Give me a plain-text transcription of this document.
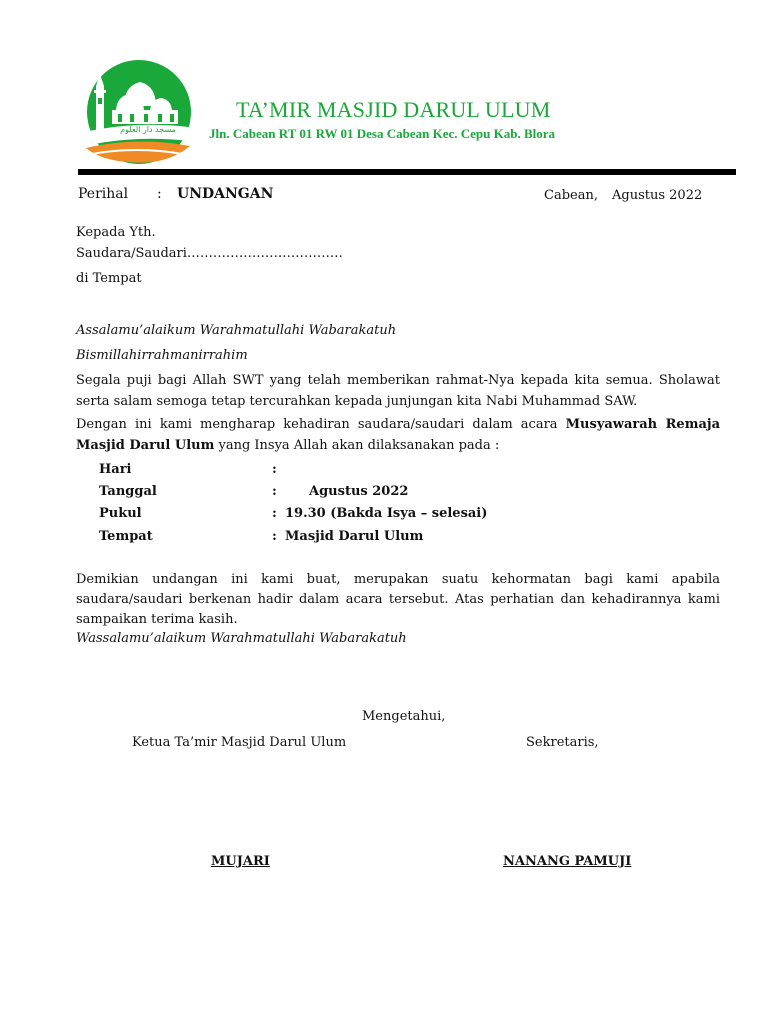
مسجد دار العلوم
TA’MIR MASJID DARUL ULUM
Jln. Cabean RT 01 RW 01 Desa Cabean Kec. Cepu Kab. Blora
Perihal : UNDANGAN	Cabean, Agustus 2022
Kepada Yth.
Saudara/Saudari………………………………
di Tempat
Assalamu’alaikum Warahmatullahi Wabarakatuh
Bismillahirrahmanirrahim
Segala puji bagi Allah SWT yang telah memberikan rahmat-Nya kepada kita semua. Sholawat serta salam semoga tetap tercurahkan kepada junjungan kita Nabi Muhammad SAW.
Dengan ini kami mengharap kehadiran saudara/saudari dalam acara Musyawarah Remaja Masjid Darul Ulum yang Insya Allah akan dilaksanakan pada :
Hari	:
Tanggal	: Agustus 2022
Pukul	: 19.30 (Bakda Isya – selesai)
Tempat	: Masjid Darul Ulum
Demikian undangan ini kami buat, merupakan suatu kehormatan bagi kami apabila saudara/saudari berkenan hadir dalam acara tersebut. Atas perhatian dan kehadirannya kami sampaikan terima kasih.
Wassalamu’alaikum Warahmatullahi Wabarakatuh
Mengetahui,
Ketua Ta’mir Masjid Darul Ulum	Sekretaris,
MUJARI	NANANG PAMUJI
